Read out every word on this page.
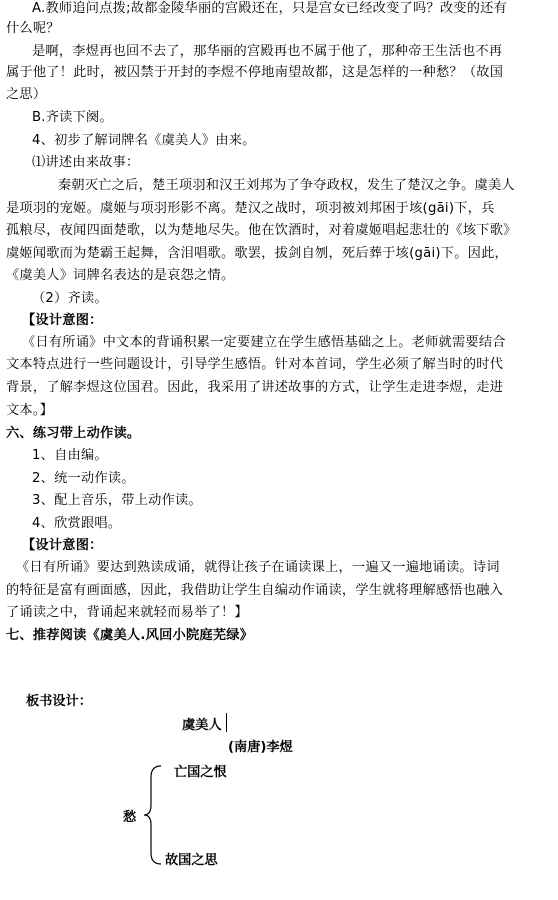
A.教师追问点拨;故都金陵华丽的宫殿还在，只是宫女已经改变了吗？改变的还有
什么呢？
是啊，李煜再也回不去了，那华丽的宫殿再也不属于他了，那种帝王生活也不再
属于他了！此时，被囚禁于开封的李煜不停地南望故都，这是怎样的一种愁？（故国
之思）
B.齐读下阕。
4、初步了解词牌名《虞美人》由来。
⑴讲述由来故事：
秦朝灭亡之后，楚王项羽和汉王刘邦为了争夺政权，发生了楚汉之争。虞美人
是项羽的宠姬。虞姬与项羽形影不离。楚汉之战时，项羽被刘邦困于垓(gāi)下，兵
孤粮尽，夜闻四面楚歌，以为楚地尽失。他在饮酒时，对着虞姬唱起悲壮的《垓下歌》
虞姬闻歌而为楚霸王起舞，含泪唱歌。歌罢，拔剑自刎，死后葬于垓(gāi)下。因此，
《虞美人》词牌名表达的是哀怨之情。
（2）齐读。
【设计意图：
《日有所诵》中文本的背诵积累一定要建立在学生感悟基础之上。老师就需要结合
文本特点进行一些问题设计，引导学生感悟。针对本首词，学生必须了解当时的时代
背景，了解李煜这位国君。因此，我采用了讲述故事的方式，让学生走进李煜，走进
文本。】
六、练习带上动作读。
1、自由编。
2、统一动作读。
3、配上音乐，带上动作读。
4、欣赏跟唱。
【设计意图：
《日有所诵》要达到熟读成诵，就得让孩子在诵读课上，一遍又一遍地诵读。诗词
的特征是富有画面感，因此，我借助让学生自编动作诵读，学生就将理解感悟也融入
了诵读之中，背诵起来就轻而易举了！】
七、推荐阅读《虞美人.风回小院庭芜绿》
板书设计：
虞美人
(南唐)李煜
亡国之恨
愁
故国之思
